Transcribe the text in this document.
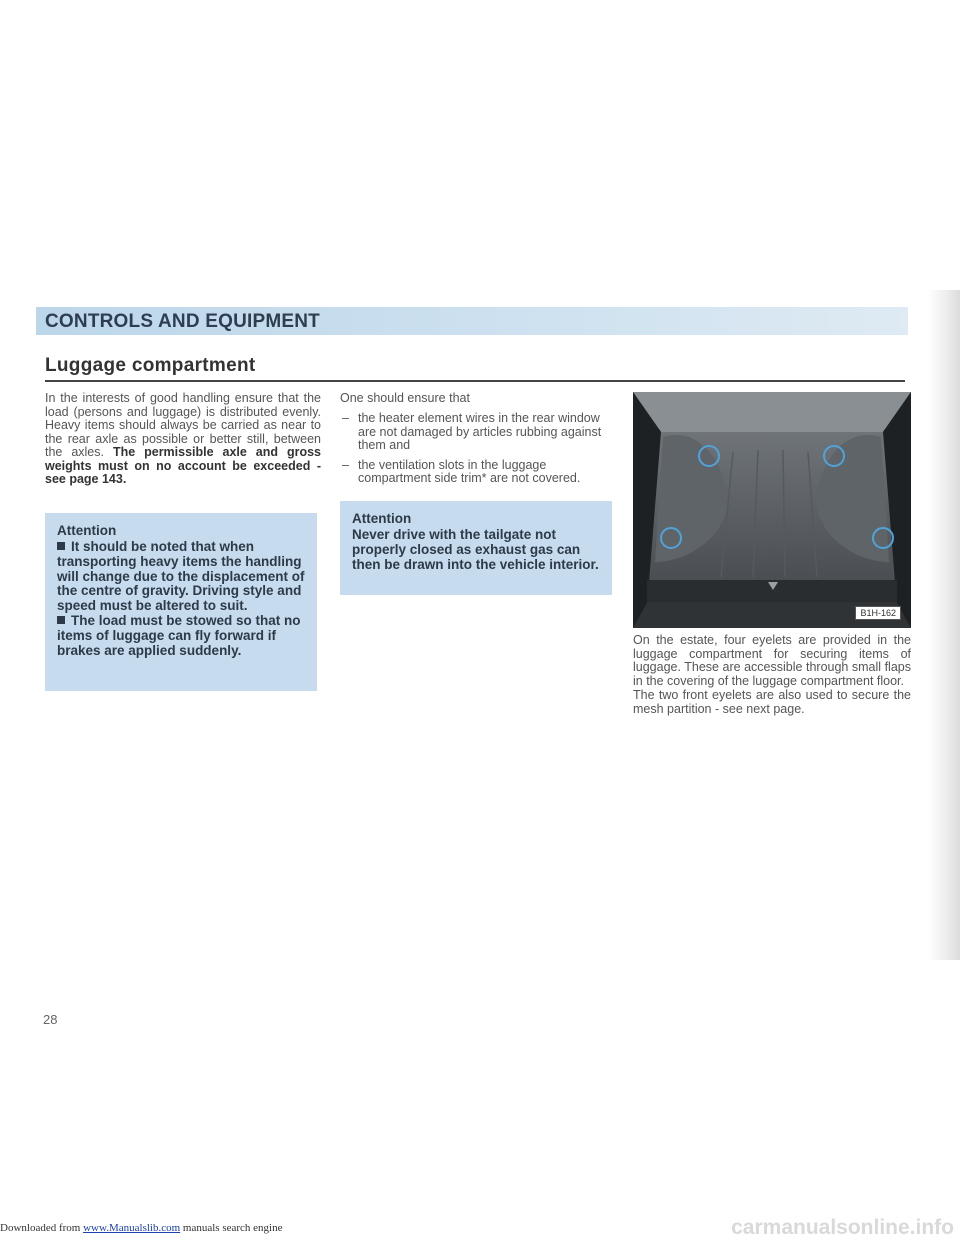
CONTROLS AND EQUIPMENT
Luggage compartment
In the interests of good handling ensure that the load (persons and luggage) is distributed evenly. Heavy items should always be carried as near to the rear axle as possible or better still, between the axles. The permissible axle and gross weights must on no account be exceeded - see page 143.
Attention
It should be noted that when transporting heavy items the handling will change due to the displacement of the centre of gravity. Driving style and speed must be altered to suit.
The load must be stowed so that no items of luggage can fly forward if brakes are applied suddenly.
One should ensure that
– the heater element wires in the rear window are not damaged by articles rubbing against them and
– the ventilation slots in the luggage compartment side trim* are not covered.
Attention
Never drive with the tailgate not properly closed as exhaust gas can then be drawn into the vehicle interior.
B1H-162
On the estate, four eyelets are provided in the luggage compartment for securing items of luggage. These are accessible through small flaps in the covering of the luggage compartment floor.
The two front eyelets are also used to secure the mesh partition - see next page.
28
Downloaded from www.Manualslib.com manuals search engine	carmanualsonline.info
